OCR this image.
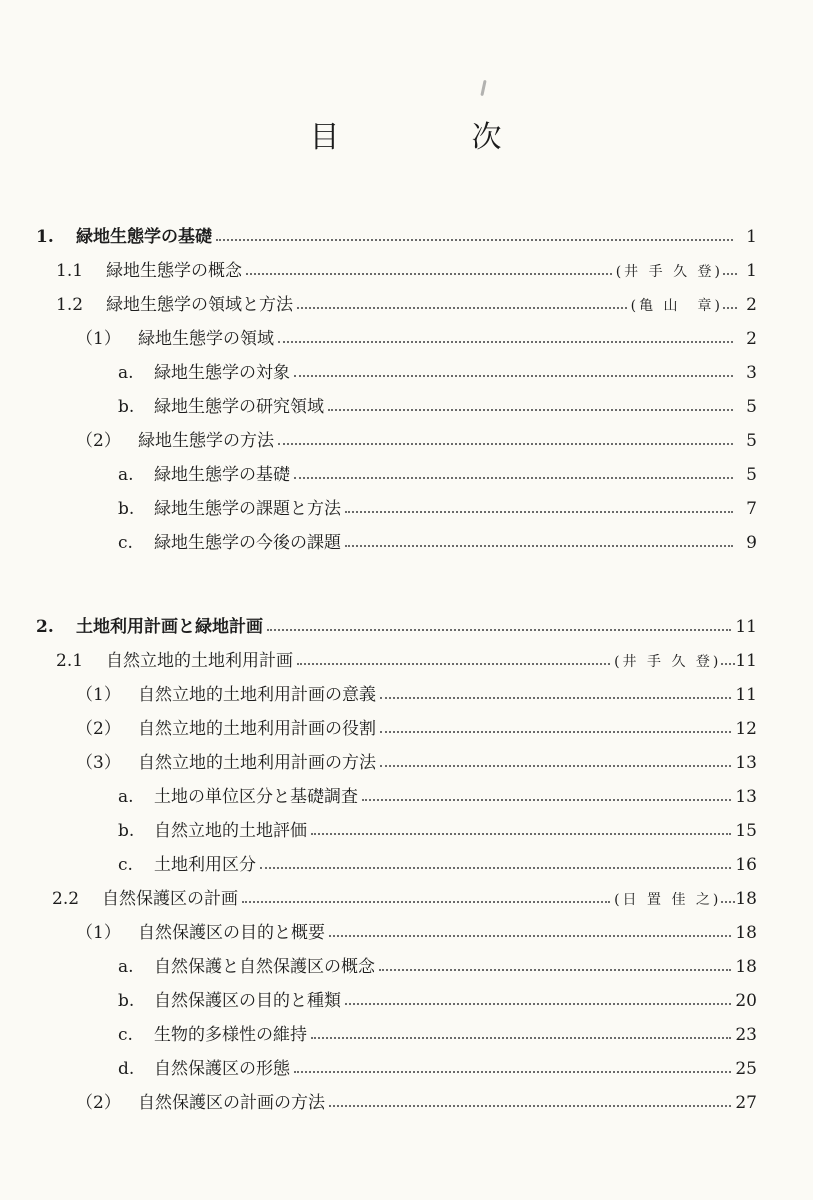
目	次
1.	緑地生態学の基礎	1
1.1	緑地生態学の概念	(井 手 久 登)	1
1.2	緑地生態学の領域と方法	(亀 山　章)	2
（1）	緑地生態学の領域	2
a.	緑地生態学の対象	3
b.	緑地生態学の研究領域	5
（2）	緑地生態学の方法	5
a.	緑地生態学の基礎	5
b.	緑地生態学の課題と方法	7
c.	緑地生態学の今後の課題	9
2.	土地利用計画と緑地計画	11
2.1	自然立地的土地利用計画	(井 手 久 登) 11
（1）	自然立地的土地利用計画の意義	11
（2）	自然立地的土地利用計画の役割	12
（3）	自然立地的土地利用計画の方法	13
a.	土地の単位区分と基礎調査	13
b.	自然立地的土地評価	15
c.	土地利用区分	16
2.2	自然保護区の計画	(日 置 佳 之) 18
（1）	自然保護区の目的と概要	18
a.	自然保護と自然保護区の概念	18
b.	自然保護区の目的と種類	20
c.	生物的多様性の維持	23
d.	自然保護区の形態	25
（2）	自然保護区の計画の方法	27
